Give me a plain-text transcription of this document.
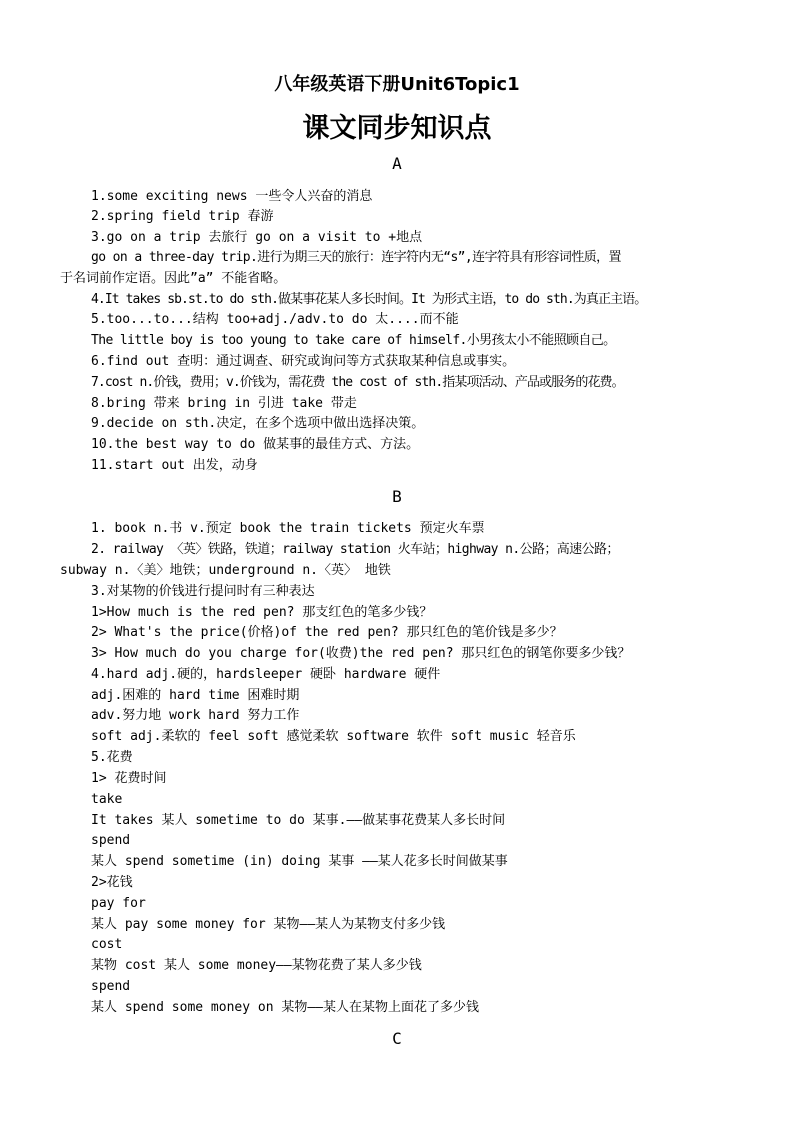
八年级英语下册Unit6Topic1
课文同步知识点
A
1.some exciting news 一些令人兴奋的消息
2.spring field trip 春游
3.go on a trip 去旅行 go on a visit to +地点
go on a three-day trip.进行为期三天的旅行：连字符内无“s”,连字符具有形容词性质，置
于名词前作定语。因此”a” 不能省略。
4.It takes sb.st.to do sth.做某事花某人多长时间。It 为形式主语，to do sth.为真正主语。
5.too...to...结构 too+adj./adv.to do 太....而不能
The little boy is too young to take care of himself.小男孩太小不能照顾自己。
6.find out 查明：通过调查、研究或询问等方式获取某种信息或事实。
7.cost n.价钱，费用；v.价钱为，需花费 the cost of sth.指某项活动、产品或服务的花费。
8.bring 带来 bring in 引进 take 带走
9.decide on sth.决定，在多个选项中做出选择决策。
10.the best way to do 做某事的最佳方式、方法。
11.start out 出发，动身
B
1. book n.书 v.预定 book the train tickets 预定火车票
2. railway 〈英〉铁路，铁道；railway station 火车站；highway n.公路；高速公路；
subway n.〈美〉地铁；underground n.〈英〉 地铁
3.对某物的价钱进行提问时有三种表达
1>How much is the red pen? 那支红色的笔多少钱？
2> What's the price(价格)of the red pen? 那只红色的笔价钱是多少？
3> How much do you charge for(收费)the red pen? 那只红色的钢笔你要多少钱？
4.hard adj.硬的，hardsleeper 硬卧 hardware 硬件
adj.困难的 hard time 困难时期
adv.努力地 work hard 努力工作
soft adj.柔软的 feel soft 感觉柔软 software 软件 soft music 轻音乐
5.花费
1> 花费时间
take
It takes 某人 sometime to do 某事.——做某事花费某人多长时间
spend
某人 spend sometime (in) doing 某事 ——某人花多长时间做某事
2>花钱
pay for
某人 pay some money for 某物——某人为某物支付多少钱
cost
某物 cost 某人 some money——某物花费了某人多少钱
spend
某人 spend some money on 某物——某人在某物上面花了多少钱
C
